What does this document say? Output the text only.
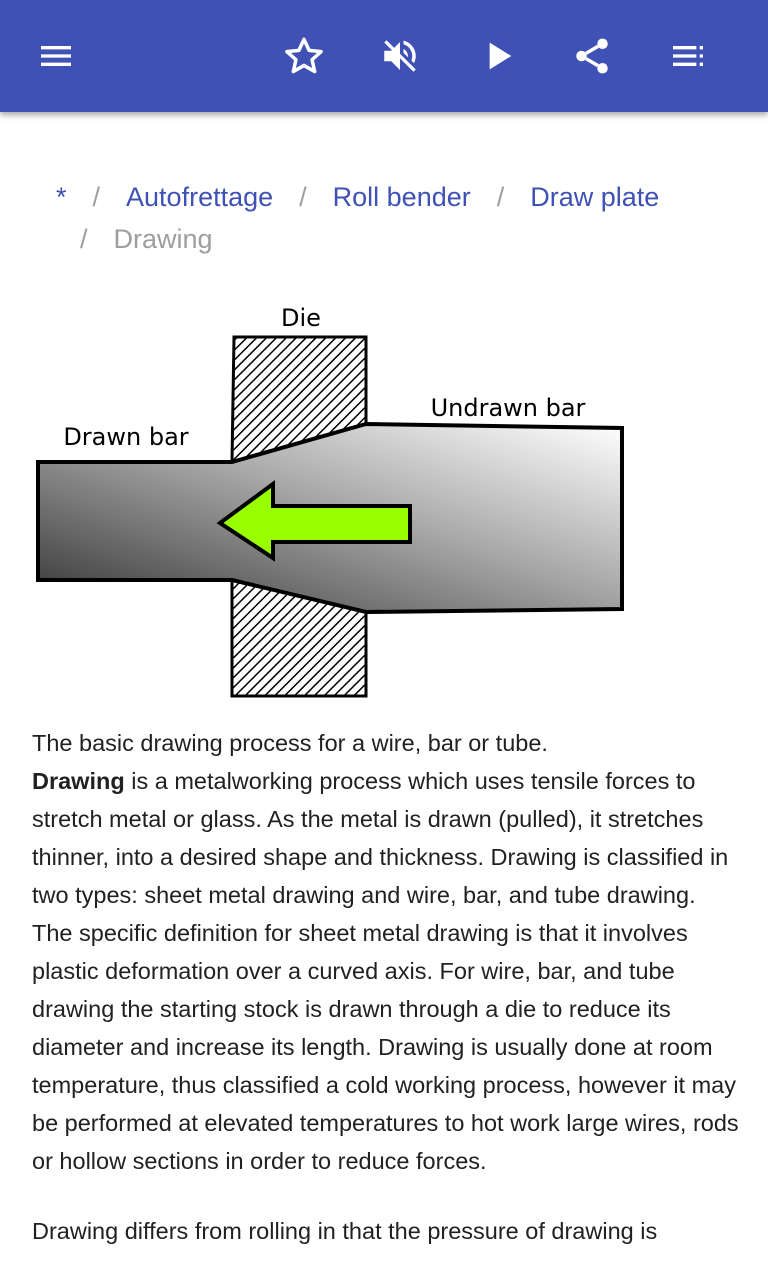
* / Autofrettage / Roll bender / Draw plate
/ Drawing
Die
Undrawn bar
Drawn bar

The basic drawing process for a wire, bar or tube.

Drawing is a metalworking process which uses tensile forces to stretch metal or glass. As the metal is drawn (pulled), it stretches thinner, into a desired shape and thickness. Drawing is classified in two types: sheet metal drawing and wire, bar, and tube drawing. The specific definition for sheet metal drawing is that it involves plastic deformation over a curved axis. For wire, bar, and tube drawing the starting stock is drawn through a die to reduce its diameter and increase its length. Drawing is usually done at room temperature, thus classified a cold working process, however it may be performed at elevated temperatures to hot work large wires, rods or hollow sections in order to reduce forces.

Drawing differs from rolling in that the pressure of drawing is
